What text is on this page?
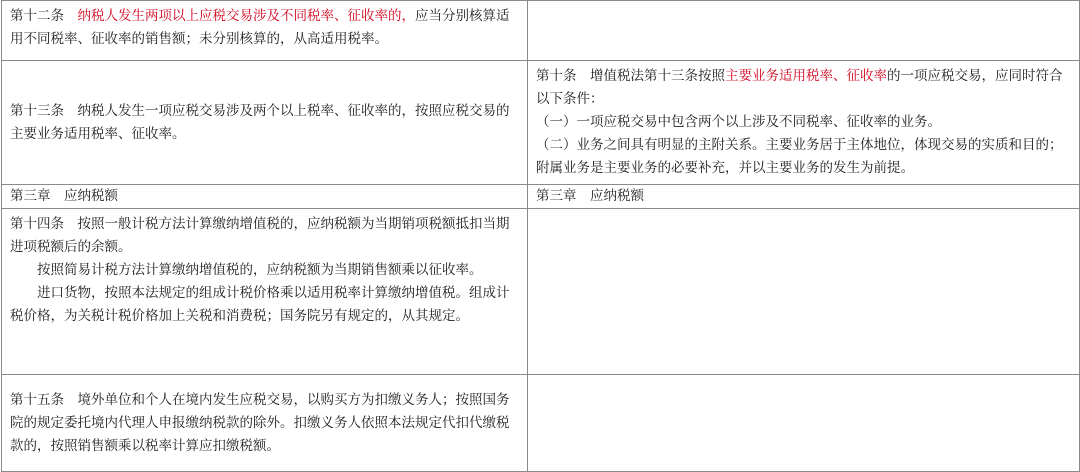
第十二条　纳税人发生两项以上应税交易涉及不同税率、征收率的，应当分别核算适用不同税率、征收率的销售额；未分别核算的，从高适用税率。	
第十三条　纳税人发生一项应税交易涉及两个以上税率、征收率的，按照应税交易的主要业务适用税率、征收率。	第十条　增值税法第十三条按照主要业务适用税率、征收率的一项应税交易，应同时符合以下条件：
（一）一项应税交易中包含两个以上涉及不同税率、征收率的业务。
（二）业务之间具有明显的主附关系。主要业务居于主体地位，体现交易的实质和目的；附属业务是主要业务的必要补充，并以主要业务的发生为前提。

第三章　应纳税额	第三章　应纳税额

第十四条　按照一般计税方法计算缴纳增值税的，应纳税额为当期销项税额抵扣当期进项税额后的余额。
按照简易计税方法计算缴纳增值税的，应纳税额为当期销售额乘以征收率。
进口货物，按照本法规定的组成计税价格乘以适用税率计算缴纳增值税。组成计税价格，为关税计税价格加上关税和消费税；国务院另有规定的，从其规定。	

第十五条　境外单位和个人在境内发生应税交易，以购买方为扣缴义务人；按照国务院的规定委托境内代理人申报缴纳税款的除外。扣缴义务人依照本法规定代扣代缴税款的，按照销售额乘以税率计算应扣缴税额。	
